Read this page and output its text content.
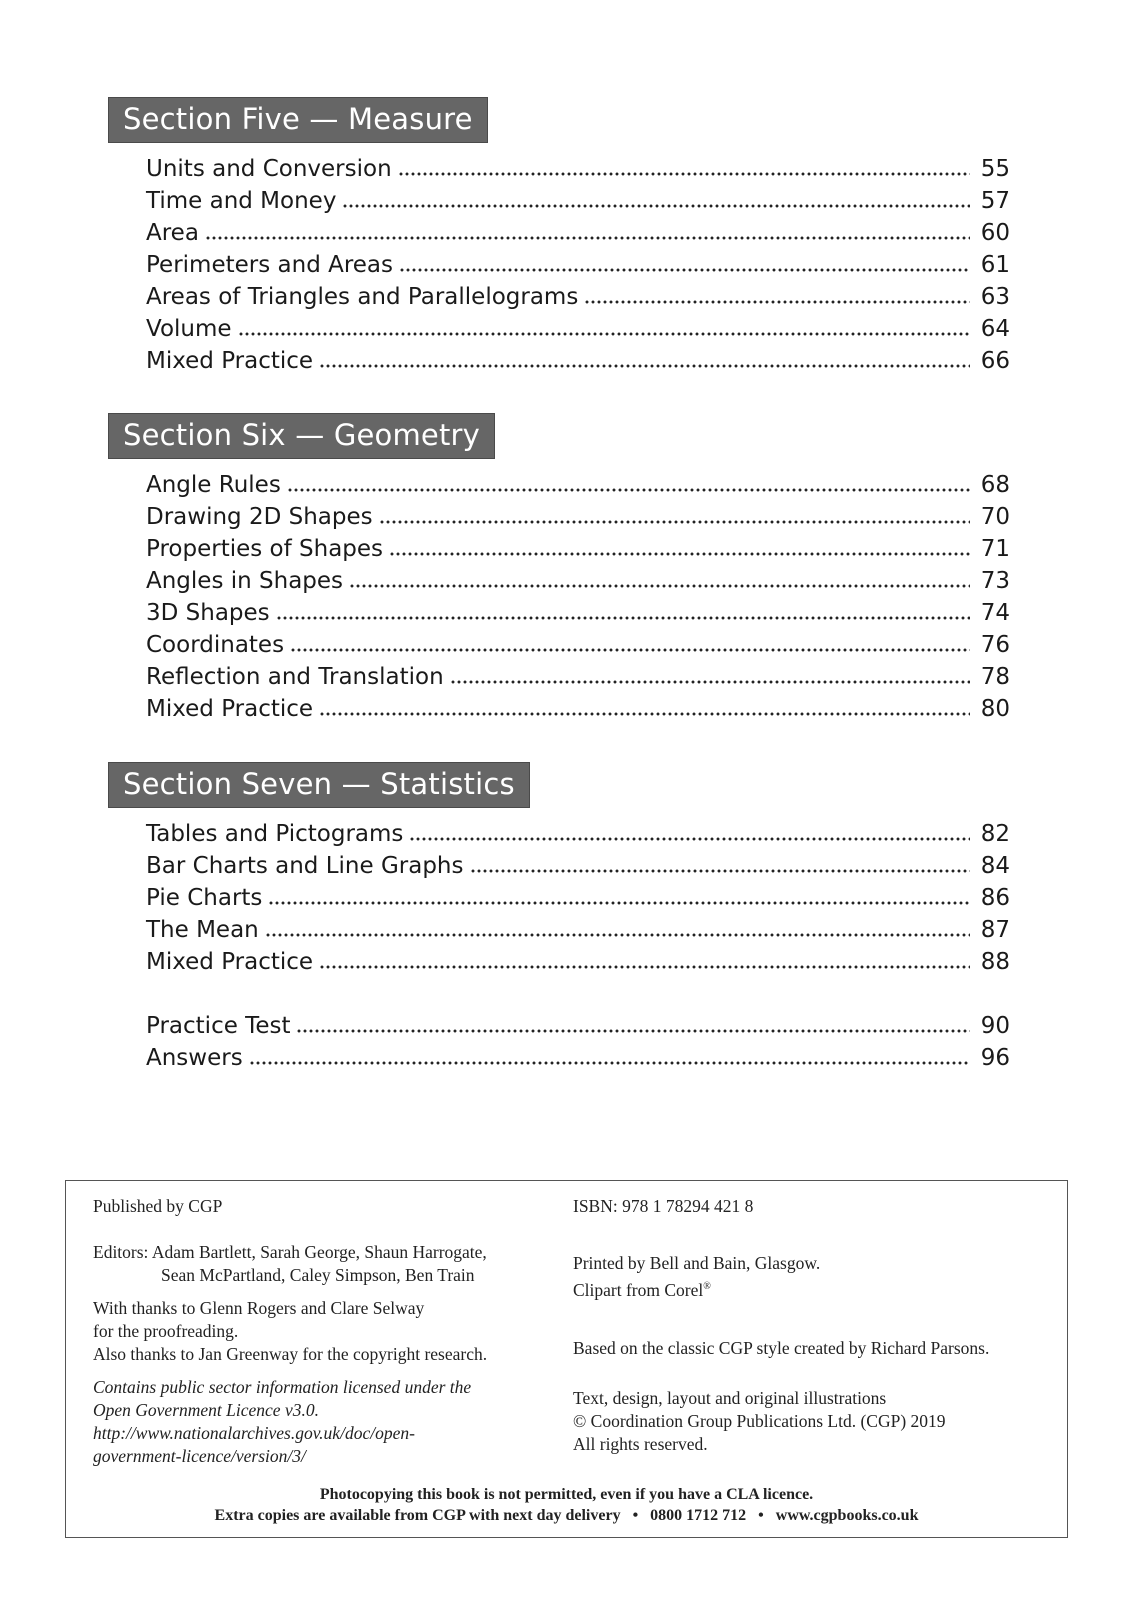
Section Five — Measure
Units and Conversion	55
Time and Money	57
Area	60
Perimeters and Areas	61
Areas of Triangles and Parallelograms	63
Volume	64
Mixed Practice	66
Section Six — Geometry
Angle Rules	68
Drawing 2D Shapes	70
Properties of Shapes	71
Angles in Shapes	73
3D Shapes	74
Coordinates	76
Reflection and Translation	78
Mixed Practice	80
Section Seven — Statistics
Tables and Pictograms	82
Bar Charts and Line Graphs	84
Pie Charts	86
The Mean	87
Mixed Practice	88
Practice Test	90
Answers	96

Published by CGP

Editors: Adam Bartlett, Sarah George, Shaun Harrogate,

Sean McPartland, Caley Simpson, Ben Train

With thanks to Glenn Rogers and Clare Selway

for the proofreading.

Also thanks to Jan Greenway for the copyright research.

Contains public sector information licensed under the

Open Government Licence v3.0.

http://www.nationalarchives.gov.uk/doc/open-

government-licence/version/3/

ISBN: 978 1 78294 421 8

Printed by Bell and Bain, Glasgow.

Clipart from Corel®

Based on the classic CGP style created by Richard Parsons.

Text, design, layout and original illustrations

© Coordination Group Publications Ltd. (CGP) 2019

All rights reserved.

Photocopying this book is not permitted, even if you have a CLA licence.
Extra copies are available from CGP with next day delivery   •   0800 1712 712   •   www.cgpbooks.co.uk
